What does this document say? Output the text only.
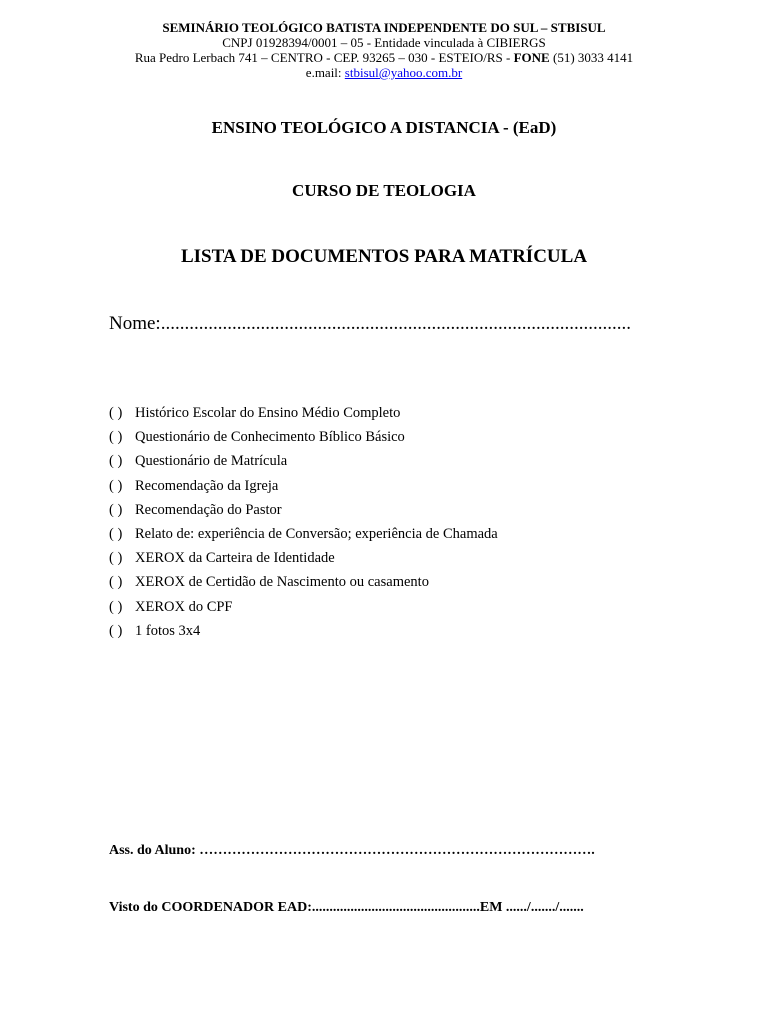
SEMINÁRIO TEOLÓGICO BATISTA INDEPENDENTE DO SUL – STBISUL
CNPJ 01928394/0001 – 05 - Entidade vinculada à CIBIERGS
Rua Pedro Lerbach 741 – CENTRO - CEP. 93265 – 030 - ESTEIO/RS - FONE (51) 3033 4141
e.mail: stbisul@yahoo.com.br
ENSINO TEOLÓGICO A DISTANCIA - (EaD)
CURSO DE TEOLOGIA
LISTA DE DOCUMENTOS PARA MATRÍCULA
Nome:...................................................................................................
( ) Histórico Escolar do Ensino Médio Completo
( ) Questionário de Conhecimento Bíblico Básico
( ) Questionário de Matrícula
( ) Recomendação da Igreja
( ) Recomendação do Pastor
( ) Relato de: experiência de Conversão; experiência de Chamada
( ) XEROX da Carteira de Identidade
( ) XEROX de Certidão de Nascimento ou casamento
( ) XEROX do CPF
( ) 1 fotos 3x4
Ass. do Aluno: ………………………………………………………………………….
Visto do COORDENADOR EAD:................................................EM ....../......./.......
